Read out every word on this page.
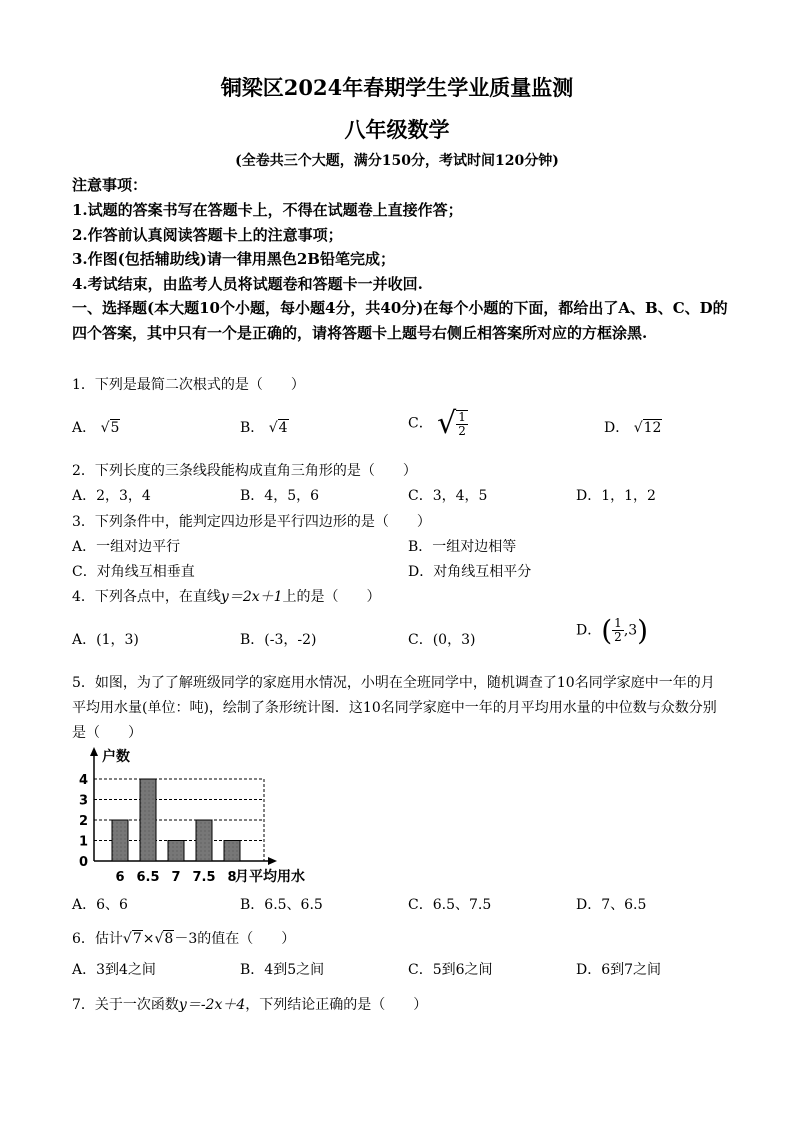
铜梁区2024年春期学生学业质量监测
八年级数学
(全卷共三个大题，满分150分，考试时间120分钟)
注意事项：
1.试题的答案书写在答题卡上，不得在试题卷上直接作答；
2.作答前认真阅读答题卡上的注意事项；
3.作图(包括辅助线)请一律用黑色2B铅笔完成；
4.考试结束，由监考人员将试题卷和答题卡一并收回.
一、选择题(本大题10个小题，每小题4分，共40分)在每个小题的下面，都给出了A、B、C、D的四个答案，其中只有一个是正确的，请将答题卡上题号右侧丘相答案所对应的方框涂黑.
1．下列是最简二次根式的是（　　）
A． √5	B． √4	C． √ $\frac{1}{2}$	D． √12
2．下列长度的三条线段能构成直角三角形的是（　　）
A．2，3，4	B．4，5，6	C．3，4，5	D．1，1，2
3．下列条件中，能判定四边形是平行四边形的是（　　）
A．一组对边平行	B．一组对边相等
C．对角线互相垂直	D．对角线互相平分
4．下列各点中，在直线y＝2x＋1上的是（　　）
A．(1，3)	B．(-3，-2)	C．(0，3)
D．( $\frac{1}{2} ,3$)
5．如图，为了了解班级同学的家庭用水情况，小明在全班同学中，随机调查了10名同学家庭中一年的月
平均用水量(单位：吨)，绘制了条形统计图．这10名同学家庭中一年的月平均用水量的中位数与众数分别
是（　　）
户数
0
1
2
3
4
6 6.5 7 7.5 8
月平均用水
A．6、6	B．6.5、6.5	C．6.5、7.5	D．7、6.5
6．估计√7×√8－3的值在（　　）
A．3到4之间	B．4到5之间	C．5到6之间	D．6到7之间
7．关于一次函数y＝-2x＋4，下列结论正确的是（　　）
